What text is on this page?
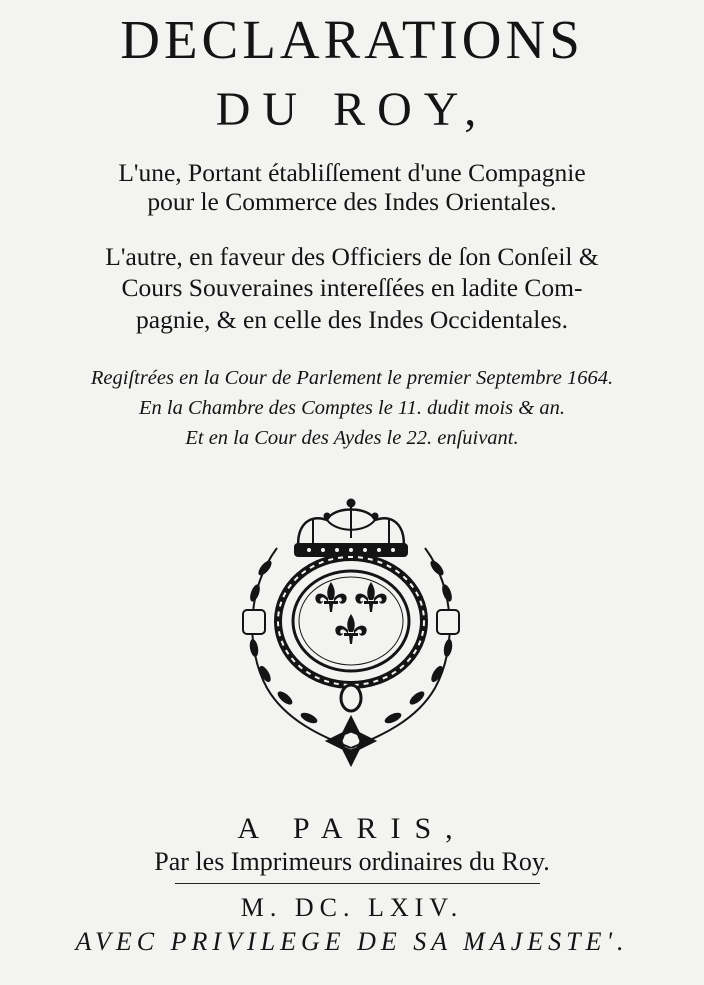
DECLARATIONS
DU ROY,
L'une, Portant établiſſement d'une Compagnie
pour le Commerce des Indes Orientales.
L'autre, en faveur des Officiers de ſon Conſeil &
Cours Souveraines intereſſées en ladite Com-
pagnie, & en celle des Indes Occidentales.
Regiſtrées en la Cour de Parlement le premier Septembre 1664.
En la Chambre des Comptes le 11. dudit mois & an.
Et en la Cour des Aydes le 22. enſuivant.
A PARIS,
Par les Imprimeurs ordinaires du Roy.
M. DC. LXIV.
AVEC PRIVILEGE DE SA MAJESTE'.
